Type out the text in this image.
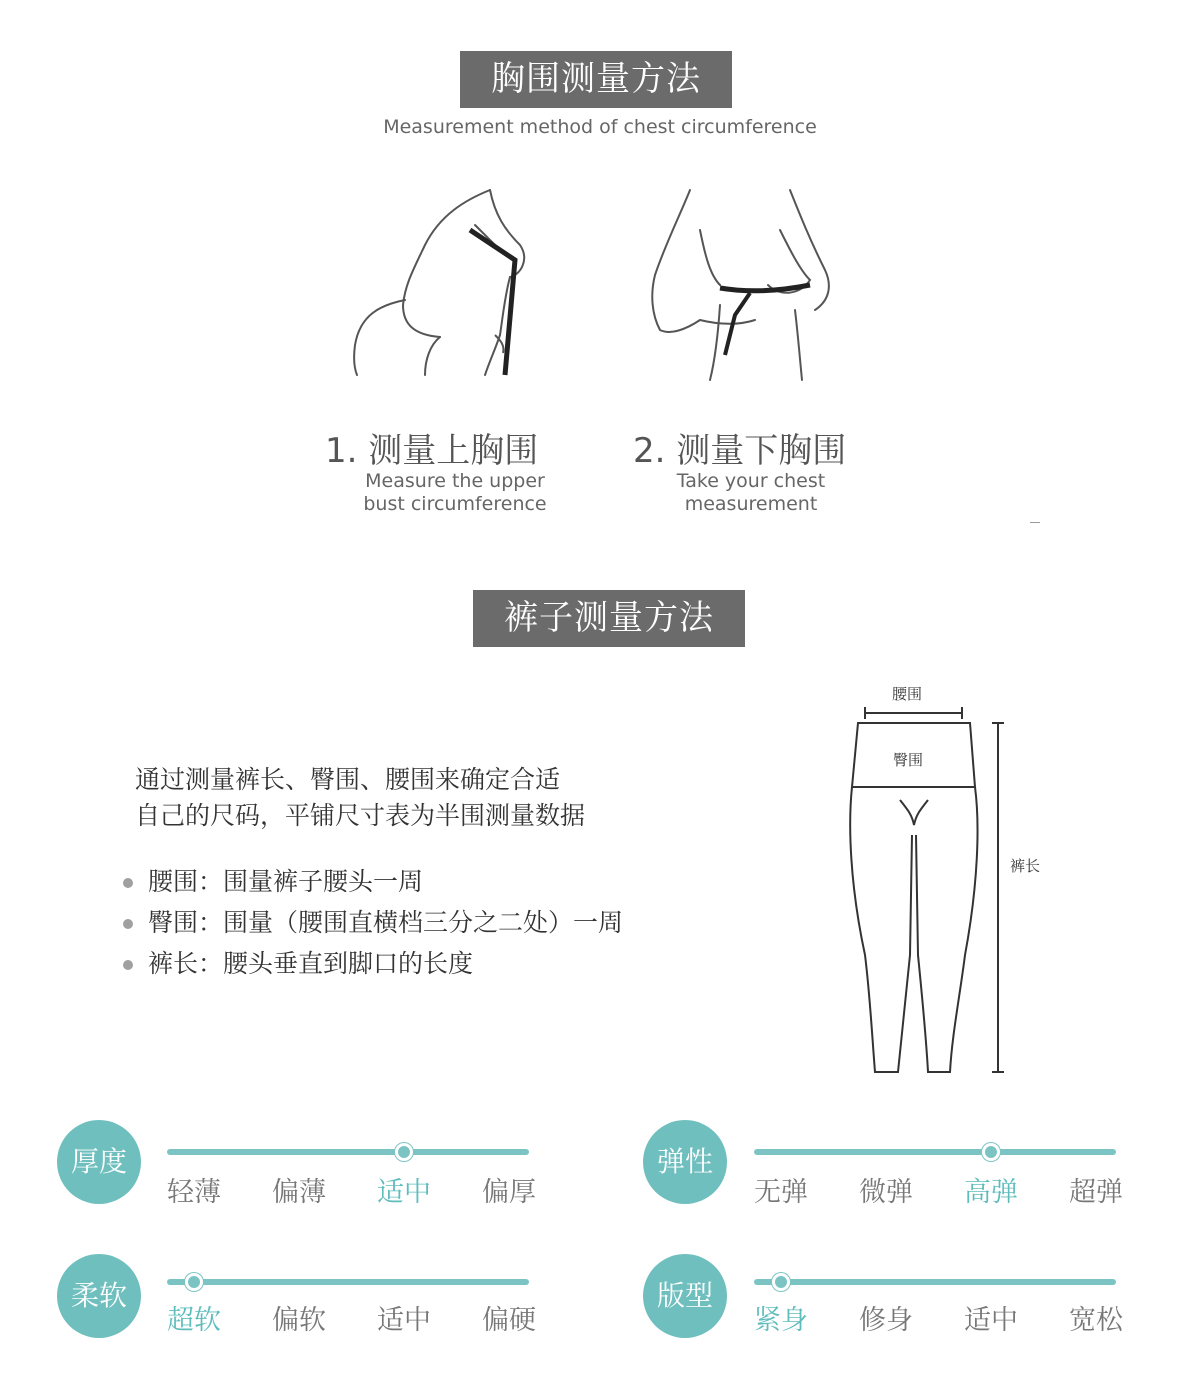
胸围测量方法
Measurement method of chest circumference
1. 测量上胸围
Measure the upper
bust circumference
2. 测量下胸围
Take your chest
measurement
裤子测量方法
通过测量裤长、臀围、腰围来确定合适
自己的尺码，平铺尺寸表为半围测量数据
腰围：围量裤子腰头一周
臀围：围量（腰围直横档三分之二处）一周
裤长：腰头垂直到脚口的长度
腰围
臀围
裤长
厚度
轻薄 偏薄 适中 偏厚
弹性
无弹 微弹 高弹 超弹
柔软
超软 偏软 适中 偏硬
版型
紧身 修身 适中 宽松
